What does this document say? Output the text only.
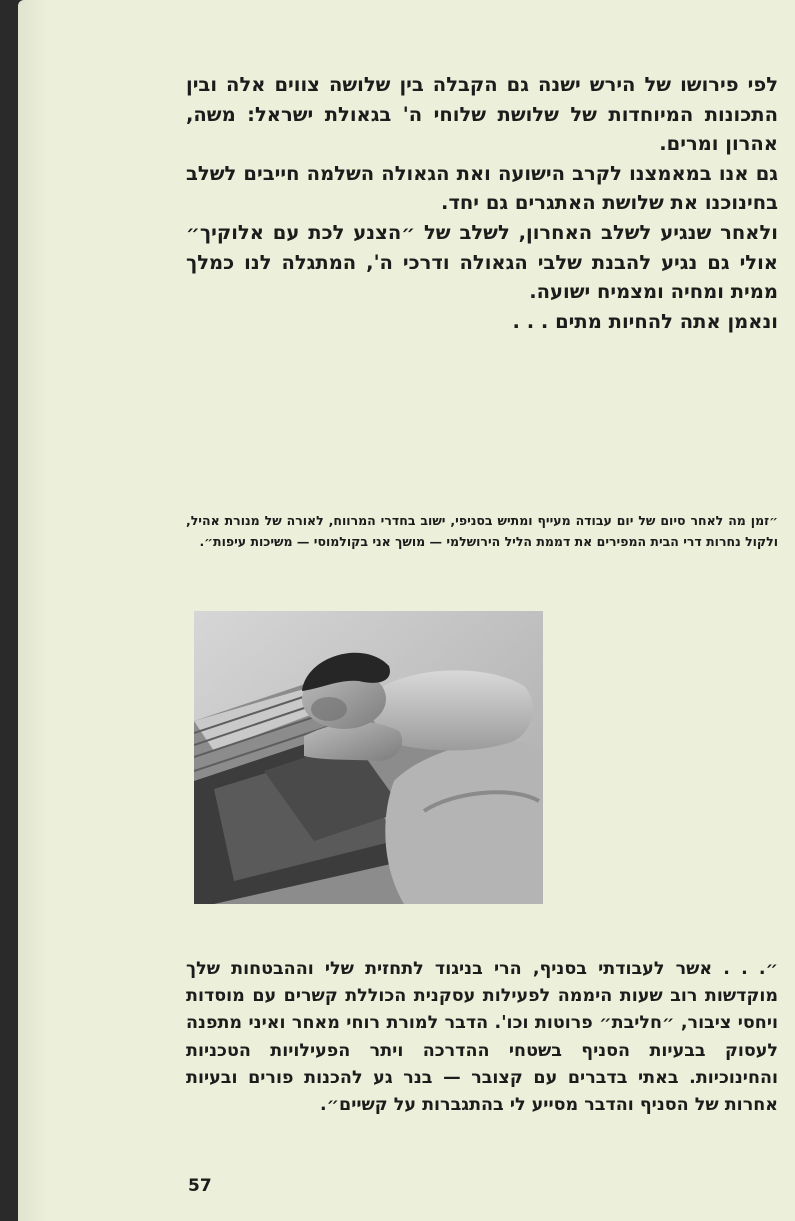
לפי פירושו של הירש ישנה גם הקבלה בין שלושה צווים אלה ובין התכונות המיוחדות של שלושת שלוחי ה' בגאולת ישראל: משה, אהרון ומרים.

גם אנו במאמצנו לקרב הישועה ואת הגאולה השלמה חייבים לשלב בחינוכנו את שלושת האתגרים גם יחד.

ולאחר שנגיע לשלב האחרון, לשלב של ״הצנע לכת עם אלוקיך״ אולי גם נגיע להבנת שלבי הגאולה ודרכי ה', המתגלה לנו כמלך ממית ומחיה ומצמיח ישועה.

ונאמן אתה להחיות מתים . . .

״זמן מה לאחר סיום של יום עבודה מעייף ומתיש בסניפי, ישוב בחדרי המרווח, לאורה של מנורת אהיל, ולקול נחרות דרי הבית המפירים את דממת הליל הירושלמי — מושך אני בקולמוסי — משיכות עיפות״.
״. . . אשר לעבודתי בסניף, הרי בניגוד לתחזית שלי וההבטחות שלך מוקדשות רוב שעות היממה לפעילות עסקנית הכוללת קשרים עם מוסדות ויחסי ציבור, ״חליבת״ פרוטות וכו'. הדבר למורת רוחי מאחר ואיני מתפנה לעסוק בבעיות הסניף בשטחי ההדרכה ויתר הפעילויות הטכניות והחינוכיות. באתי בדברים עם קצובר — בנר גע להכנות פורים ובעיות אחרות של הסניף והדבר מסייע לי בהתגברות על קשיים״.
57
